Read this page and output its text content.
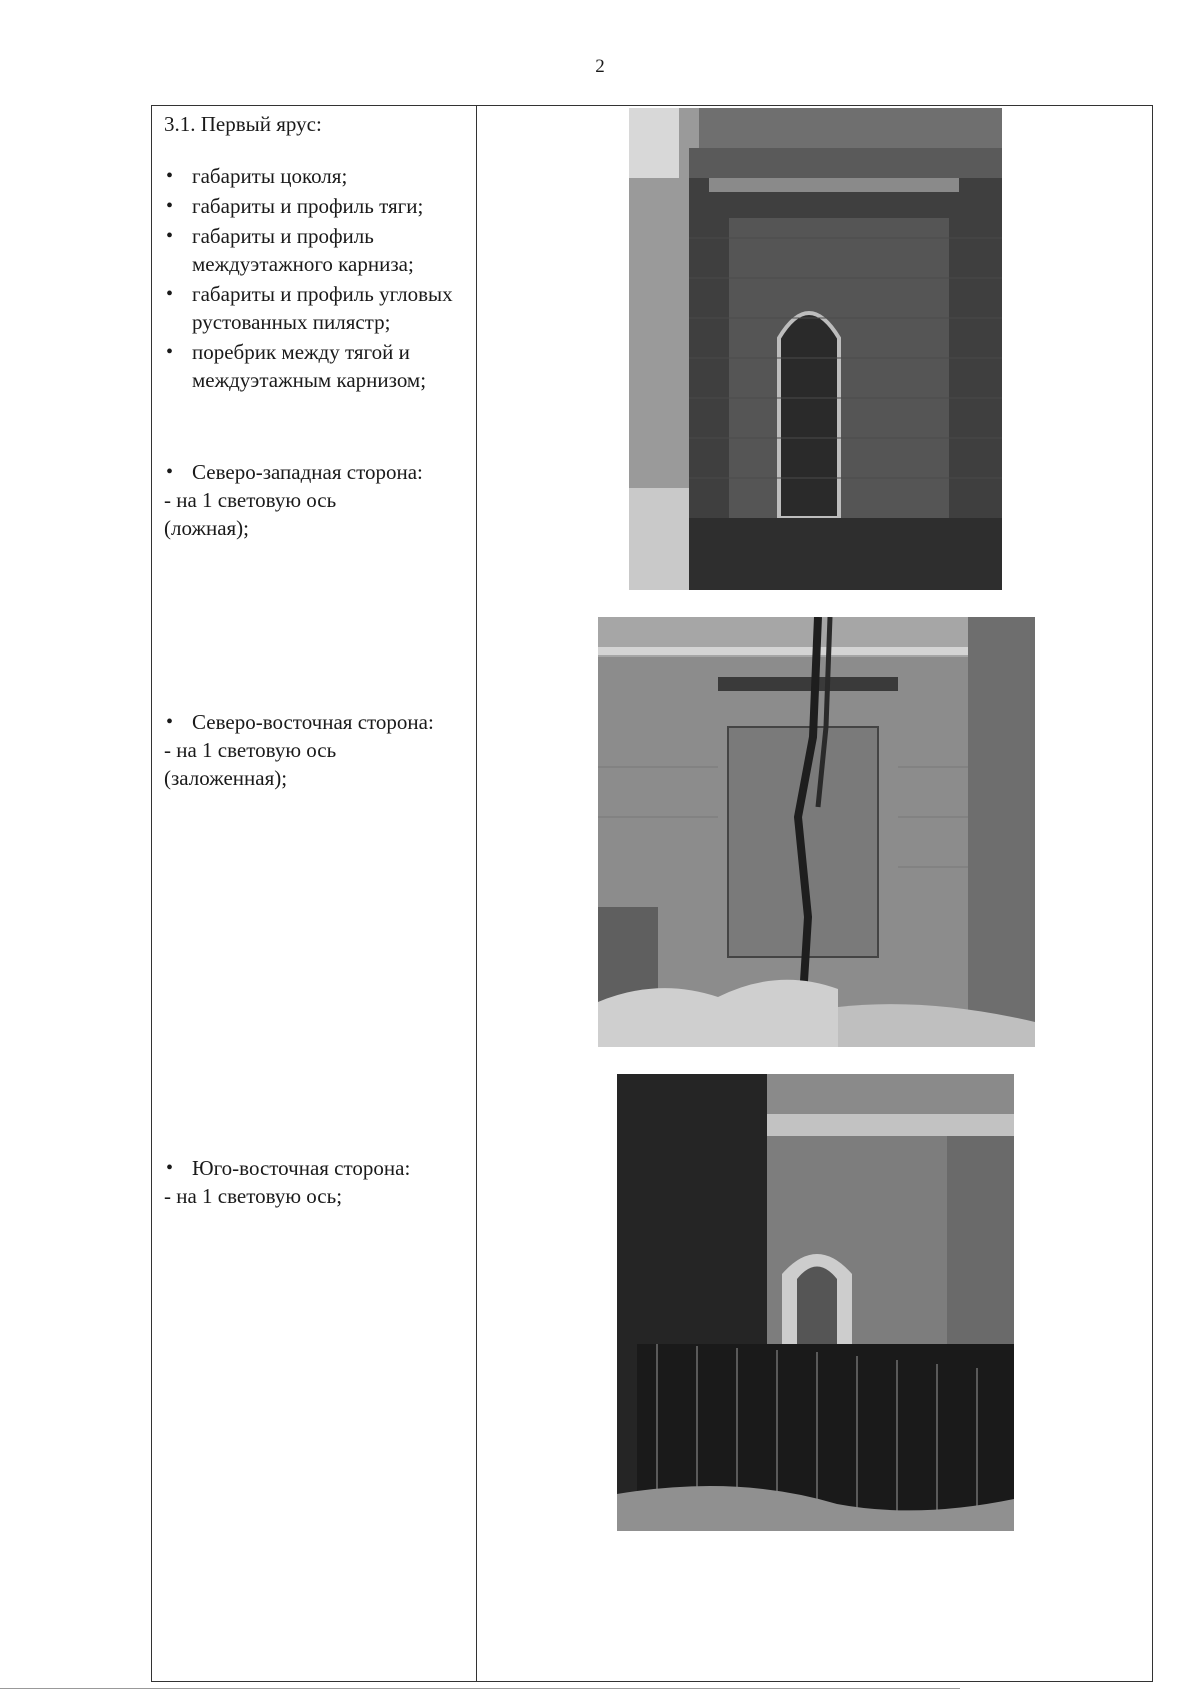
2
3.1. Первый ярус:
• габариты цоколя;
• габариты и профиль тяги;
• габариты и профиль междуэтажного карниза;
• габариты и профиль угловых рустованных пилястр;
• поребрик между тягой и междуэтажным карнизом;
• Северо-западная сторона:
- на 1 световую ось
(ложная);
• Северо-восточная сторона:
- на 1 световую ось
(заложенная);
• Юго-восточная сторона:
- на 1 световую ось;
